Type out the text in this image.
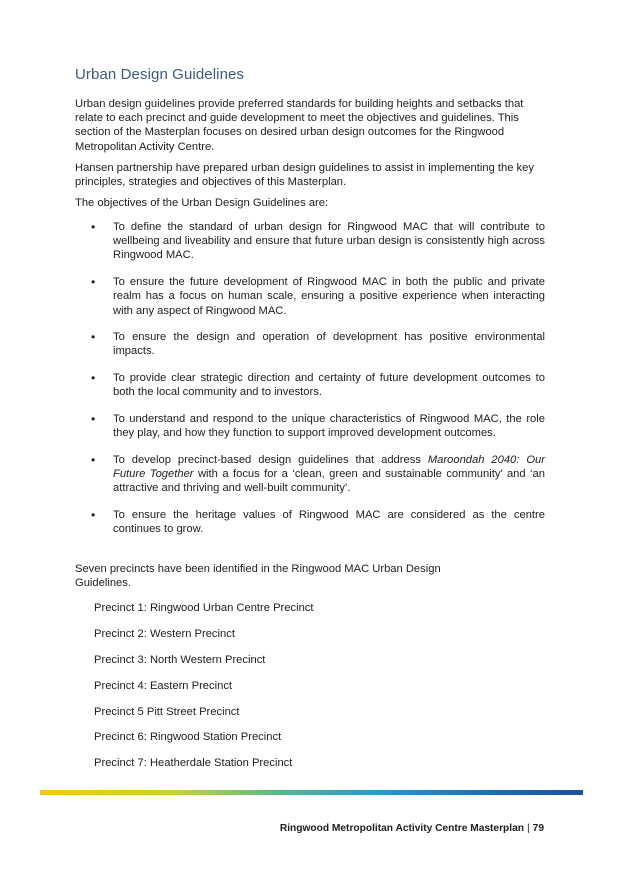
Urban Design Guidelines

Urban design guidelines provide preferred standards for building heights and setbacks that relate to each precinct and guide development to meet the objectives and guidelines. This section of the Masterplan focuses on desired urban design outcomes for the Ringwood Metropolitan Activity Centre.

Hansen partnership have prepared urban design guidelines to assist in implementing the key principles, strategies and objectives of this Masterplan.

The objectives of the Urban Design Guidelines are:

• To define the standard of urban design for Ringwood MAC that will contribute to wellbeing and liveability and ensure that future urban design is consistently high across Ringwood MAC.
• To ensure the future development of Ringwood MAC in both the public and private realm has a focus on human scale, ensuring a positive experience when interacting with any aspect of Ringwood MAC.
• To ensure the design and operation of development has positive environmental impacts.
• To provide clear strategic direction and certainty of future development outcomes to both the local community and to investors.
• To understand and respond to the unique characteristics of Ringwood MAC, the role they play, and how they function to support improved development outcomes.
• To develop precinct-based design guidelines that address Maroondah 2040: Our Future Together with a focus for a ‘clean, green and sustainable community’ and ‘an attractive and thriving and well-built community’.
• To ensure the heritage values of Ringwood MAC are considered as the centre continues to grow.

Seven precincts have been identified in the Ringwood MAC Urban Design Guidelines.

Precinct 1: Ringwood Urban Centre Precinct
Precinct 2: Western Precinct
Precinct 3: North Western Precinct
Precinct 4: Eastern Precinct
Precinct 5 Pitt Street Precinct
Precinct 6: Ringwood Station Precinct
Precinct 7: Heatherdale Station Precinct
Ringwood Metropolitan Activity Centre Masterplan | 79
